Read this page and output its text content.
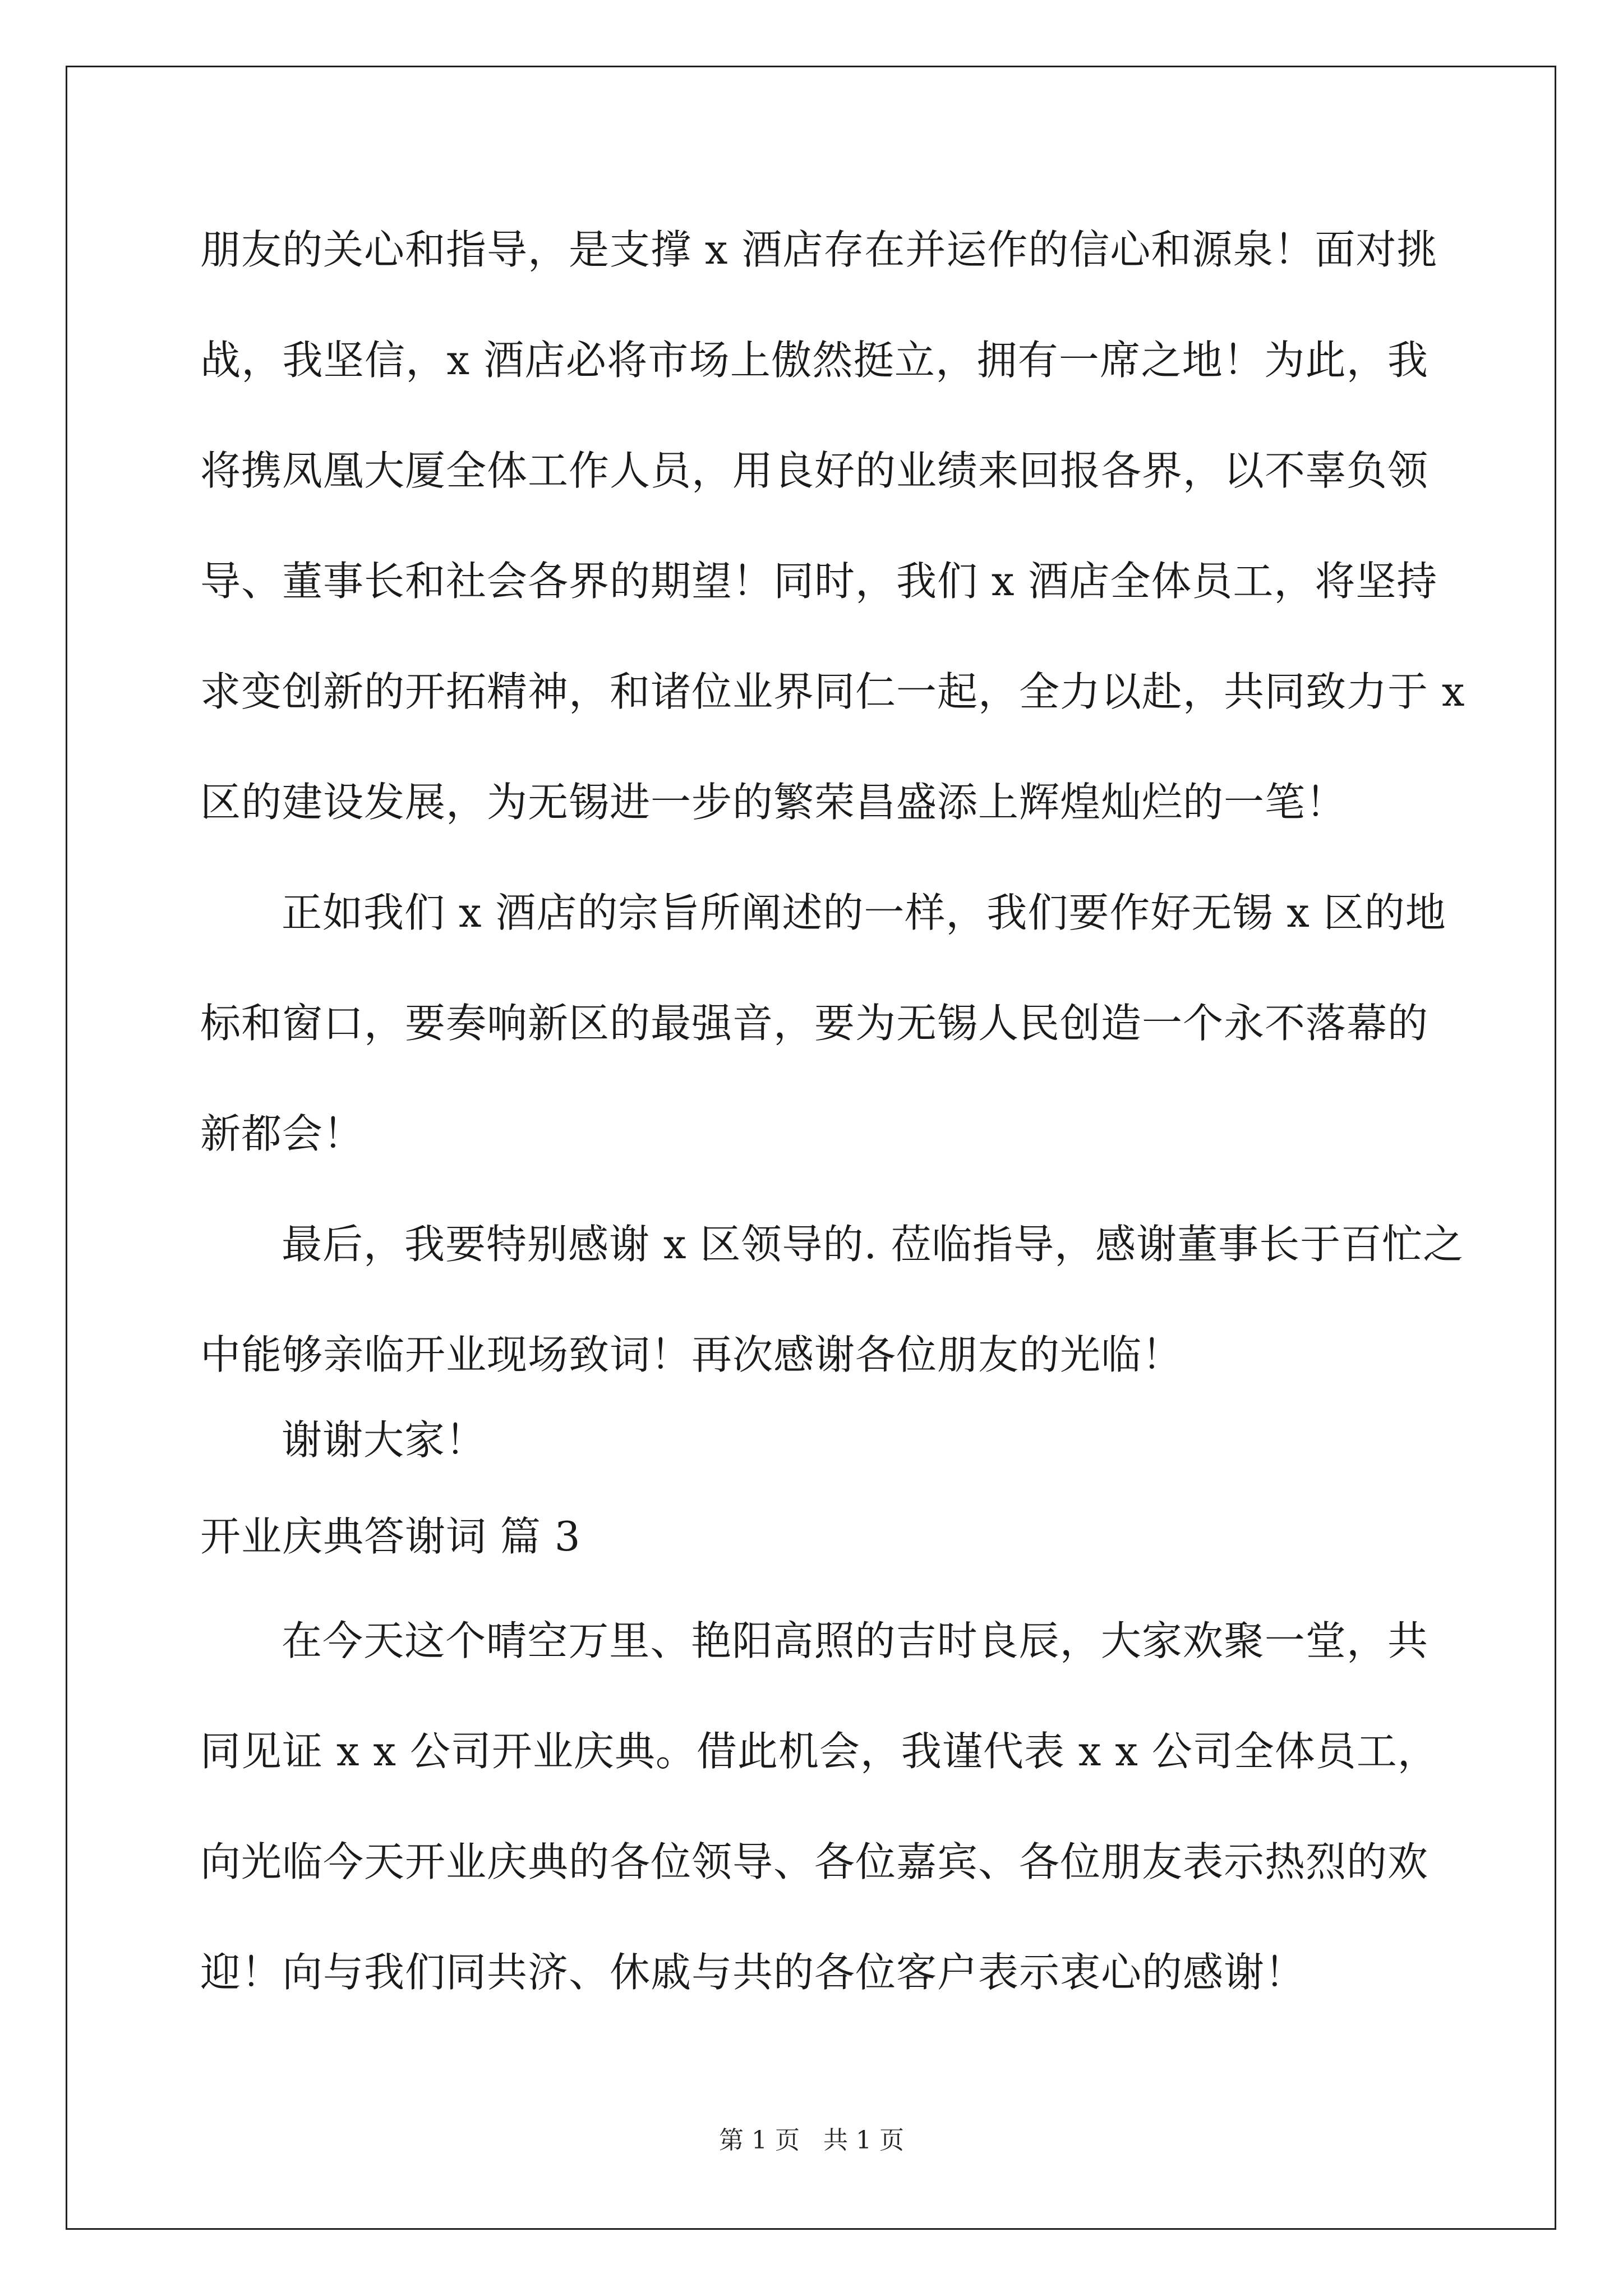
朋友的关心和指导，是支撑 x 酒店存在并运作的信心和源泉！面对挑
战，我坚信，x 酒店必将市场上傲然挺立，拥有一席之地！为此，我
将携凤凰大厦全体工作人员，用良好的业绩来回报各界，以不辜负领
导、董事长和社会各界的期望！同时，我们 x 酒店全体员工，将坚持
求变创新的开拓精神，和诸位业界同仁一起，全力以赴，共同致力于 x
区的建设发展，为无锡进一步的繁荣昌盛添上辉煌灿烂的一笔！
正如我们 x 酒店的宗旨所阐述的一样，我们要作好无锡 x 区的地
标和窗口，要奏响新区的最强音，要为无锡人民创造一个永不落幕的
新都会！
最后，我要特别感谢 x 区领导的. 莅临指导，感谢董事长于百忙之
中能够亲临开业现场致词！再次感谢各位朋友的光临！
谢谢大家！
开业庆典答谢词 篇 3
在今天这个晴空万里、艳阳高照的吉时良辰，大家欢聚一堂，共
同见证 x x 公司开业庆典。借此机会，我谨代表 x x 公司全体员工，
向光临今天开业庆典的各位领导、各位嘉宾、各位朋友表示热烈的欢
迎！向与我们同共济、休戚与共的各位客户表示衷心的感谢！
第 1 页   共 1 页
